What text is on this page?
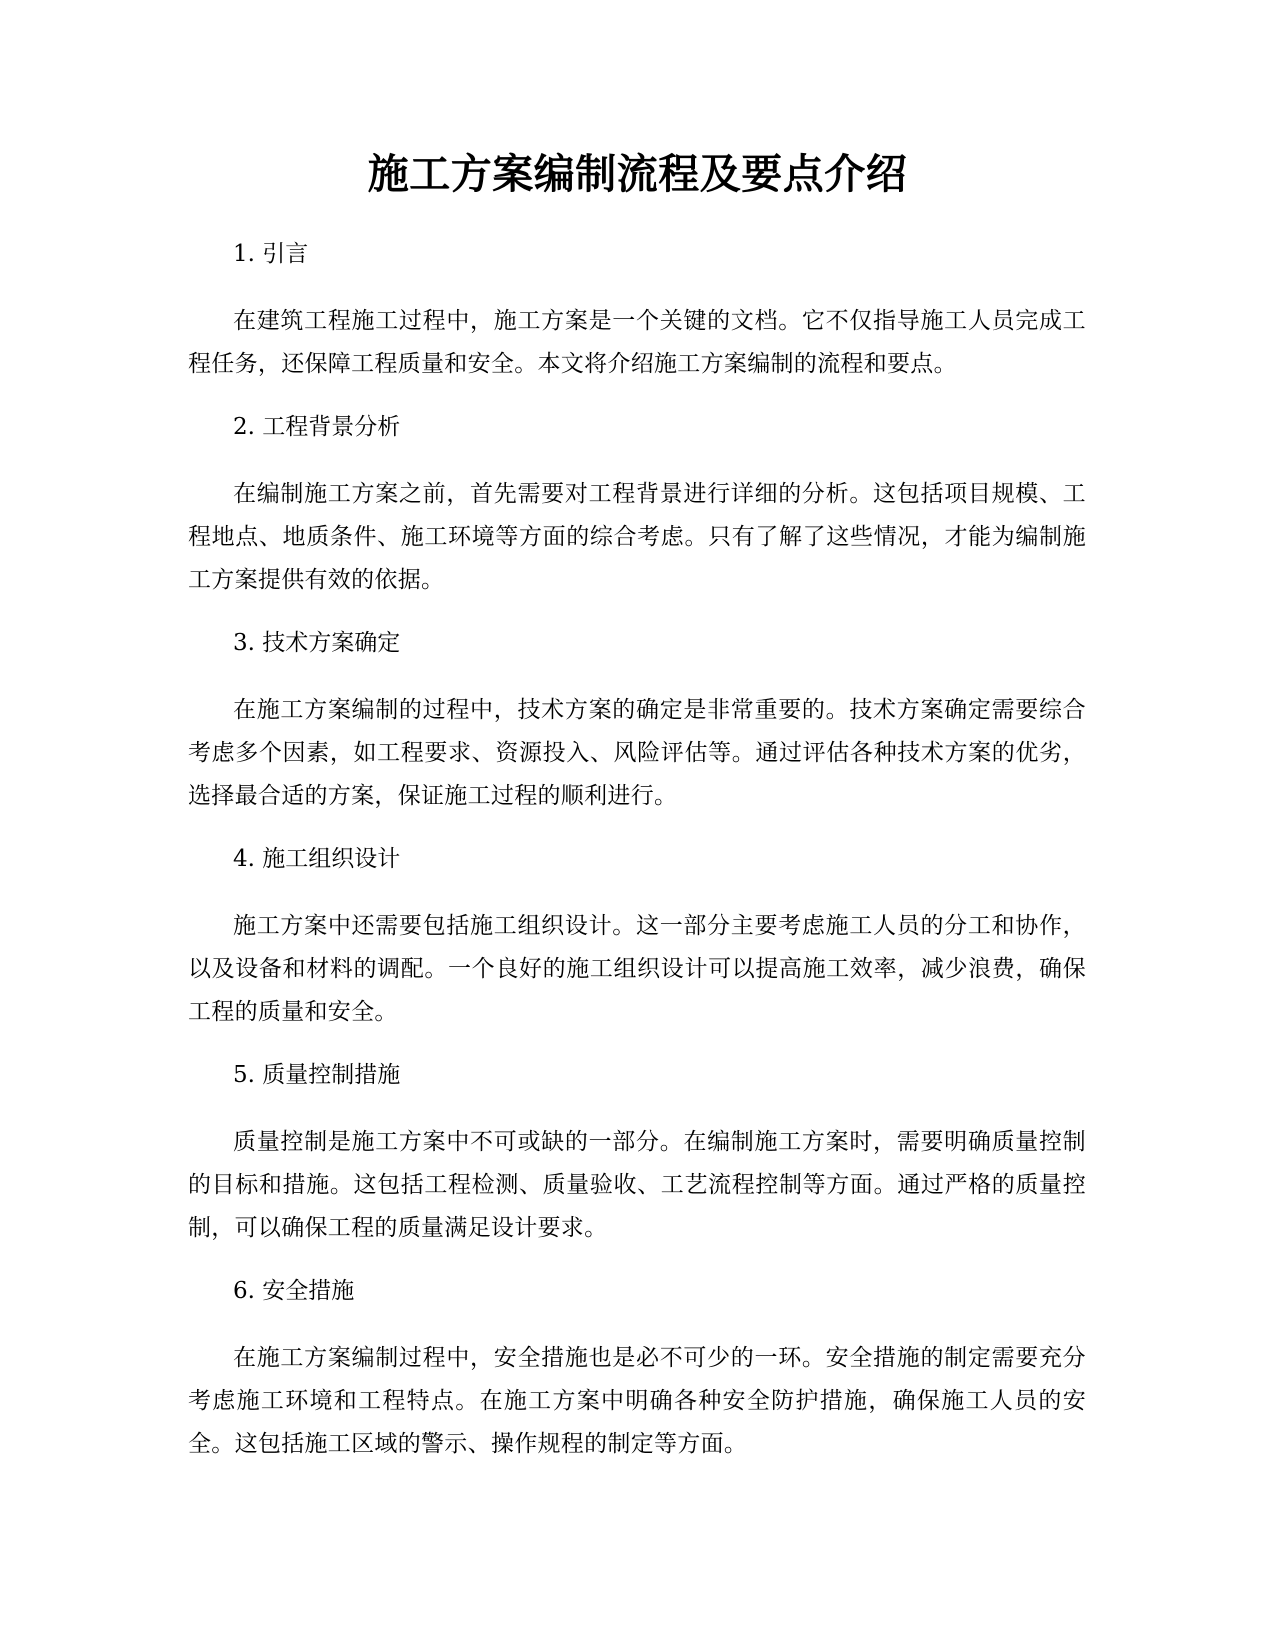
施工方案编制流程及要点介绍

1. 引言

在建筑工程施工过程中，施工方案是一个关键的文档。它不仅指导施工人员完成工程任务，还保障工程质量和安全。本文将介绍施工方案编制的流程和要点。

2. 工程背景分析

在编制施工方案之前，首先需要对工程背景进行详细的分析。这包括项目规模、工程地点、地质条件、施工环境等方面的综合考虑。只有了解了这些情况，才能为编制施工方案提供有效的依据。

3. 技术方案确定

在施工方案编制的过程中，技术方案的确定是非常重要的。技术方案确定需要综合考虑多个因素，如工程要求、资源投入、风险评估等。通过评估各种技术方案的优劣，选择最合适的方案，保证施工过程的顺利进行。

4. 施工组织设计

施工方案中还需要包括施工组织设计。这一部分主要考虑施工人员的分工和协作，以及设备和材料的调配。一个良好的施工组织设计可以提高施工效率，减少浪费，确保工程的质量和安全。

5. 质量控制措施

质量控制是施工方案中不可或缺的一部分。在编制施工方案时，需要明确质量控制的目标和措施。这包括工程检测、质量验收、工艺流程控制等方面。通过严格的质量控制，可以确保工程的质量满足设计要求。

6. 安全措施

在施工方案编制过程中，安全措施也是必不可少的一环。安全措施的制定需要充分考虑施工环境和工程特点。在施工方案中明确各种安全防护措施，确保施工人员的安全。这包括施工区域的警示、操作规程的制定等方面。
